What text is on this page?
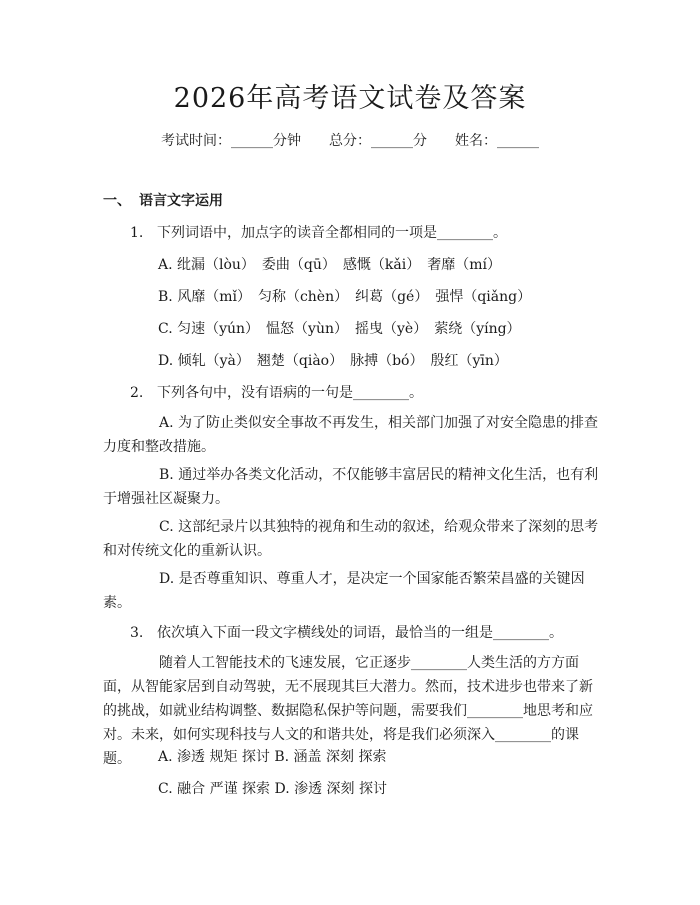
2026年高考语文试卷及答案
考试时间：______分钟 总分：______分 姓名：______
一、 语言文字运用
1. 下列词语中，加点字的读音全都相同的一项是________。
A. 纰漏（lòu）　委曲（qū）　感慨（kǎi）　奢靡（mí）
B. 风靡（mǐ）　匀称（chèn）　纠葛（gé）　强悍（qiǎng）
C. 匀速（yún）　愠怒（yùn）　摇曳（yè）　萦绕（yíng）
D. 倾轧（yà）　翘楚（qiào）　脉搏（bó）　殷红（yīn）
2. 下列各句中，没有语病的一句是________。
A. 为了防止类似安全事故不再发生，相关部门加强了对安全隐患的排查力度和整改措施。
B. 通过举办各类文化活动，不仅能够丰富居民的精神文化生活，也有利于增强社区凝聚力。
C. 这部纪录片以其独特的视角和生动的叙述，给观众带来了深刻的思考和对传统文化的重新认识。
D. 是否尊重知识、尊重人才，是决定一个国家能否繁荣昌盛的关键因素。
3. 依次填入下面一段文字横线处的词语，最恰当的一组是________。
随着人工智能技术的飞速发展，它正逐步________人类生活的方方面面，从智能家居到自动驾驶，无不展现其巨大潜力。然而，技术进步也带来了新的挑战，如就业结构调整、数据隐私保护等问题，需要我们________地思考和应对。未来，如何实现科技与人文的和谐共处，将是我们必须深入________的课题。	A. 渗透 规矩 探讨 B. 涵盖 深刻 探索
C. 融合 严谨 探索 D. 渗透 深刻 探讨
